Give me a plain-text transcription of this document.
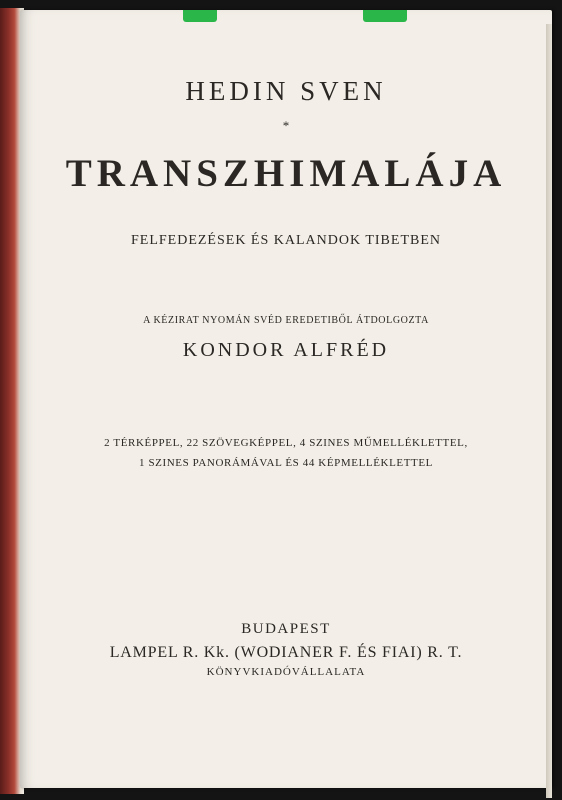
HEDIN SVEN
*
TRANSZHIMALÁJA
FELFEDEZÉSEK ÉS KALANDOK TIBETBEN
A KÉZIRAT NYOMÁN SVÉD EREDETIBŐL ÁTDOLGOZTA
KONDOR ALFRÉD
2 TÉRKÉPPEL, 22 SZÖVEGKÉPPEL, 4 SZINES MŰMELLÉKLETTEL,
1 SZINES PANORÁMÁVAL ÉS 44 KÉPMELLÉKLETTEL
BUDAPEST
LAMPEL R. Kk. (WODIANER F. ÉS FIAI) R. T.
KÖNYVKIADÓVÁLLALATA
